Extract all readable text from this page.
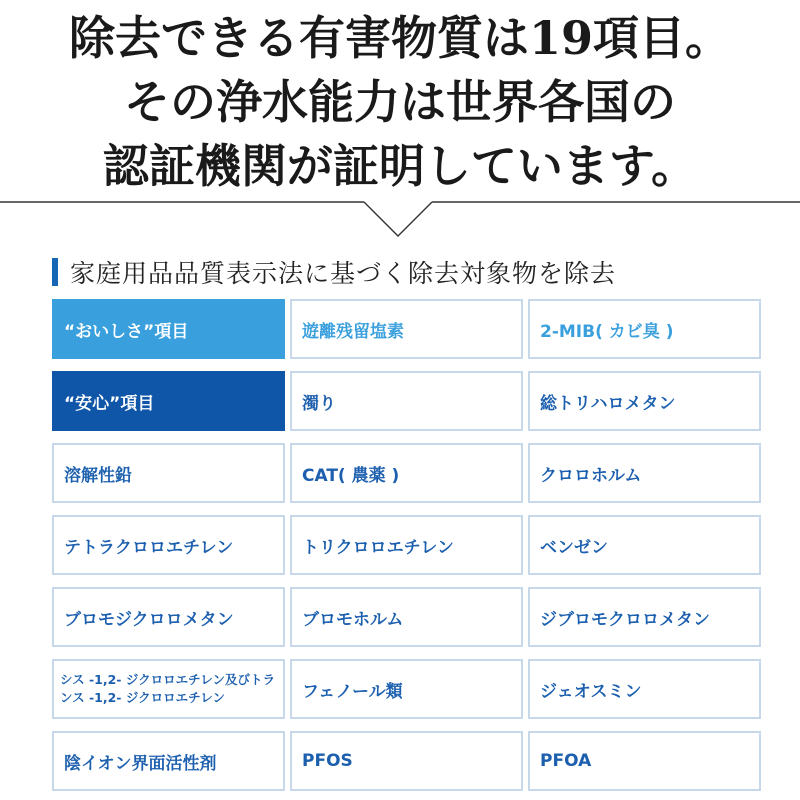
除去できる有害物質は19項目。
その浄水能力は世界各国の
認証機関が証明しています。
家庭用品品質表示法に基づく除去対象物を除去
“おいしさ”項目	遊離残留塩素	2-MIB( カビ臭 )
“安心”項目	濁り	総トリハロメタン
溶解性鉛	CAT( 農薬 )	クロロホルム
テトラクロロエチレン	トリクロロエチレン	ベンゼン
ブロモジクロロメタン	ブロモホルム	ジブロモクロロメタン
シス -1,2- ジクロロエチレン及びトランス -1,2- ジクロロエチレン	フェノール類	ジェオスミン
陰イオン界面活性剤	PFOS	PFOA
